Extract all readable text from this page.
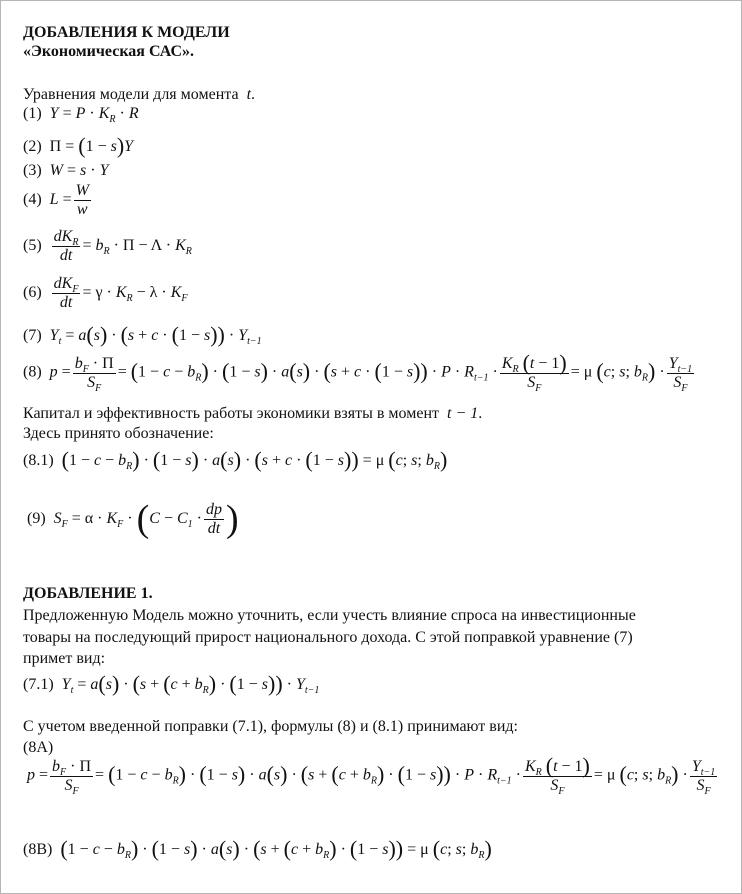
ДОБАВЛЕНИЯ К МОДЕЛИ
«Экономическая САС».
Уравнения модели для момента t.
(1) $Y = P \cdot K_R \cdot R$
(2)  Π = (1 − s)Y
(3) W = s · Y
(4) $L = \frac{W}{w}$
$(5) \frac{dK_R}{dt} = b_R \cdot \Pi - \Lambda \cdot K_R$
$(6) \frac{dK_F}{dt} = \gamma \cdot K_R - \lambda \cdot K_F$
(7) $Y_t = a(s) \cdot (s + c \cdot (1 - s)) \cdot Y_{t-1}$
(8) $p = \frac{b_F \cdot \Pi}{S_F} = (1 - c - b_R) \cdot (1 - s) \cdot a(s) \cdot (s + c \cdot (1 - s)) \cdot P \cdot R_{t-1} \cdot \frac{K_R (t - 1)}{S_F} = \mu$ (c; s; $b_R) \cdot \frac{Y_{t-1}}{S_F}$
Капитал и эффективность работы экономики взяты в момент t − 1.
Здесь принято обозначение:
(8.1) $(1 - c - b_R) \cdot (1 - s) \cdot a(s) \cdot (s + c \cdot (1 - s)) = \mu$ (c; s; $b_R$)
(9) $S_F = \alpha \cdot K_F \cdot (C - C_1 \cdot \frac{dp}{dt}$ )
ДОБАВЛЕНИЕ 1.
Предложенную Модель можно уточнить, если учесть влияние спроса на инвестиционные
товары на последующий прирост национального дохода. С этой поправкой уравнение (7)
примет вид:
(7.1) $Y_t = a(s) \cdot (s + (c + b_R) \cdot (1 - s)) \cdot Y_{t-1}$
С учетом введенной поправки (7.1), формулы (8) и (8.1) принимают вид:
(8A)
$p = \frac{b_F \cdot \Pi}{S_F} = (1 - c - b_R) \cdot (1 - s) \cdot a(s) \cdot (s + (c + b_R) \cdot (1 - s)) \cdot P \cdot R_{t-1} \cdot \frac{K_R (t - 1)}{S_F} = \mu$ (c; s; $b_R) \cdot \frac{Y_{t-1}}{S_F}$
(8B) $(1 - c - b_R) \cdot (1 - s) \cdot a(s) \cdot (s + (c + b_R) \cdot (1 - s)) = \mu$ (c; s; $b_R$)
